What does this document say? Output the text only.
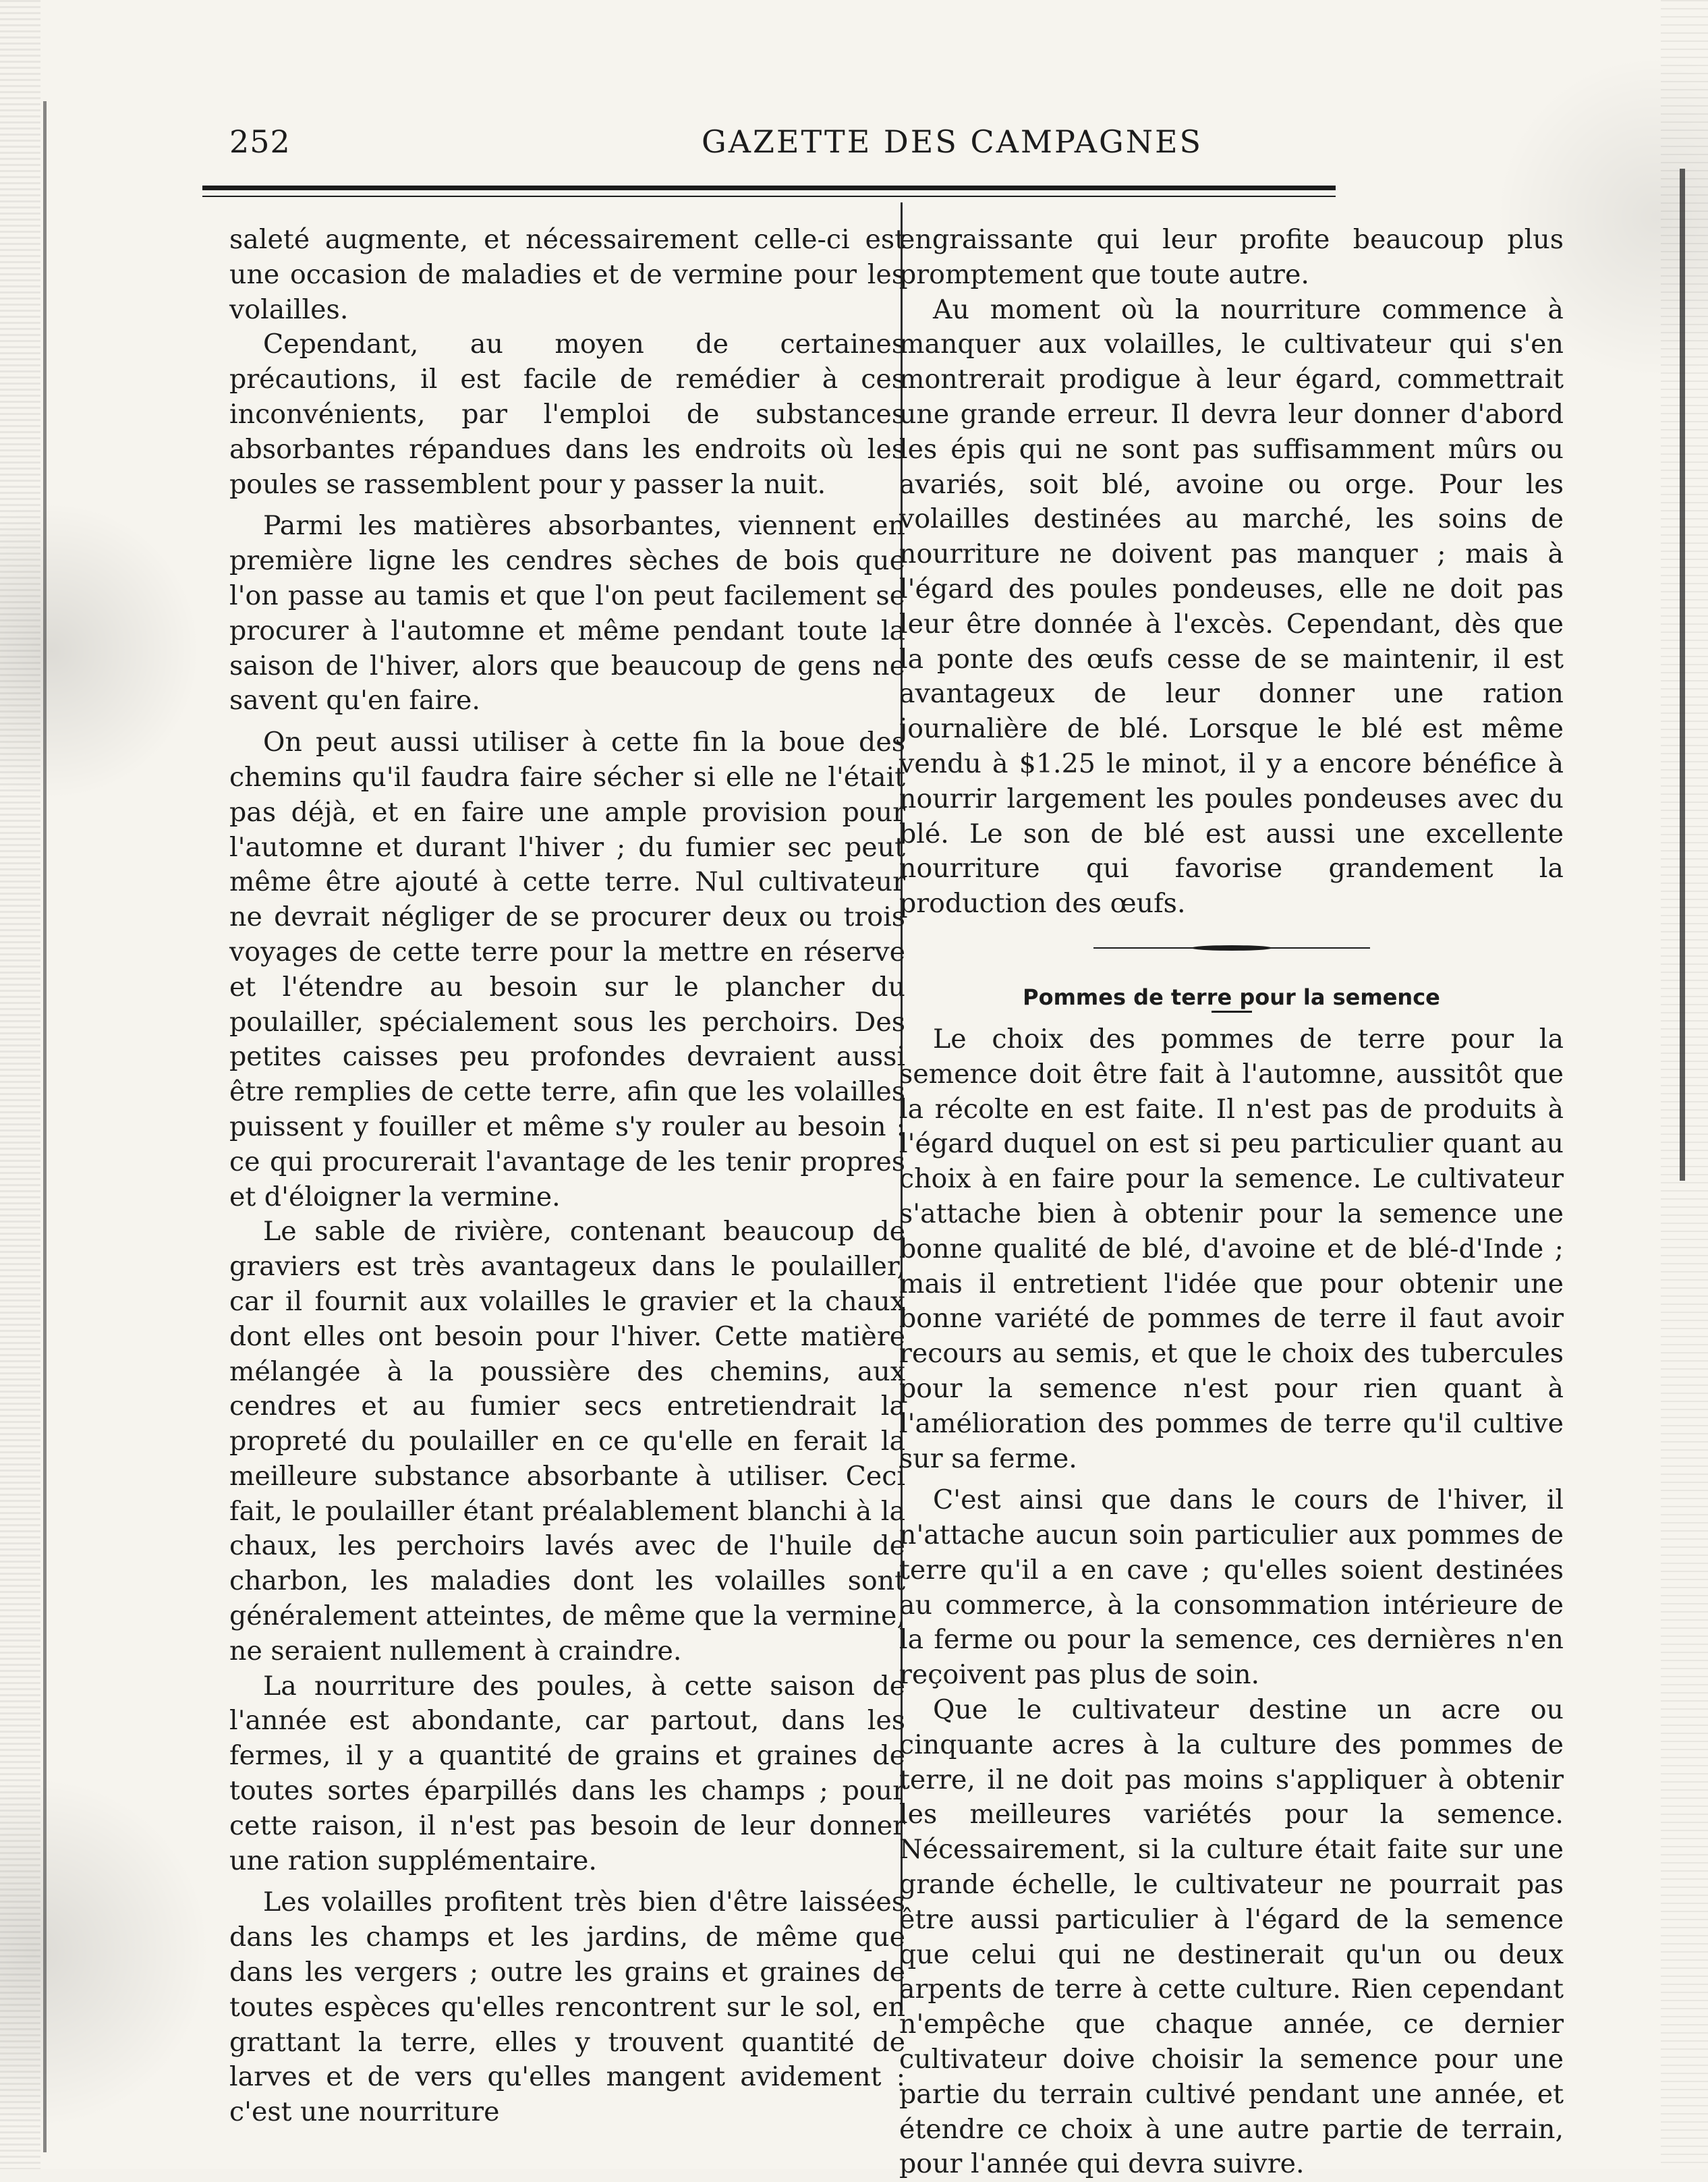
252	GAZETTE DES CAMPAGNES

saleté augmente, et nécessairement celle-ci est une occasion de maladies et de vermine pour les volailles.

Cependant, au moyen de certaines précautions, il est facile de remédier à ces inconvénients, par l'emploi de substances absorbantes répandues dans les endroits où les poules se rassemblent pour y passer la nuit.

Parmi les matières absorbantes, viennent en première ligne les cendres sèches de bois que l'on passe au tamis et que l'on peut facilement se procurer à l'automne et même pendant toute la saison de l'hiver, alors que beaucoup de gens ne savent qu'en faire.

On peut aussi utiliser à cette fin la boue des chemins qu'il faudra faire sécher si elle ne l'était pas déjà, et en faire une ample provision pour l'automne et durant l'hiver ; du fumier sec peut même être ajouté à cette terre. Nul cultivateur ne devrait négliger de se procurer deux ou trois voyages de cette terre pour la mettre en réserve et l'étendre au besoin sur le plancher du poulailler, spécialement sous les perchoirs. Des petites caisses peu profondes devraient aussi être remplies de cette terre, afin que les volailles puissent y fouiller et même s'y rouler au besoin : ce qui procurerait l'avantage de les tenir propres et d'éloigner la vermine.

Le sable de rivière, contenant beaucoup de graviers est très avantageux dans le poulailler, car il fournit aux volailles le gravier et la chaux dont elles ont besoin pour l'hiver. Cette matière mélangée à la poussière des chemins, aux cendres et au fumier secs entretiendrait la propreté du poulailler en ce qu'elle en ferait la meilleure substance absorbante à utiliser. Ceci fait, le poulailler étant préalablement blanchi à la chaux, les perchoirs lavés avec de l'huile de charbon, les maladies dont les volailles sont généralement atteintes, de même que la vermine, ne seraient nullement à craindre.

La nourriture des poules, à cette saison de l'année est abondante, car partout, dans les fermes, il y a quantité de grains et graines de toutes sortes éparpillés dans les champs ; pour cette raison, il n'est pas besoin de leur donner une ration supplémentaire.

Les volailles profitent très bien d'être laissées dans les champs et les jardins, de même que dans les vergers ; outre les grains et graines de toutes espèces qu'elles rencontrent sur le sol, en grattant la terre, elles y trouvent quantité de larves et de vers qu'elles mangent avidement : c'est une nourriture

engraissante qui leur profite beaucoup plus promptement que toute autre.

Au moment où la nourriture commence à manquer aux volailles, le cultivateur qui s'en montrerait prodigue à leur égard, commettrait une grande erreur. Il devra leur donner d'abord les épis qui ne sont pas suffisamment mûrs ou avariés, soit blé, avoine ou orge. Pour les volailles destinées au marché, les soins de nourriture ne doivent pas manquer ; mais à l'égard des poules pondeuses, elle ne doit pas leur être donnée à l'excès. Cependant, dès que la ponte des œufs cesse de se maintenir, il est avantageux de leur donner une ration journalière de blé. Lorsque le blé est même vendu à $1.25 le minot, il y a encore bénéfice à nourrir largement les poules pondeuses avec du blé. Le son de blé est aussi une excellente nourriture qui favorise grandement la production des œufs.

Pommes de terre pour la semence

Le choix des pommes de terre pour la semence doit être fait à l'automne, aussitôt que la récolte en est faite. Il n'est pas de produits à l'égard duquel on est si peu particulier quant au choix à en faire pour la semence. Le cultivateur s'attache bien à obtenir pour la semence une bonne qualité de blé, d'avoine et de blé-d'Inde ; mais il entretient l'idée que pour obtenir une bonne variété de pommes de terre il faut avoir recours au semis, et que le choix des tubercules pour la semence n'est pour rien quant à l'amélioration des pommes de terre qu'il cultive sur sa ferme.

C'est ainsi que dans le cours de l'hiver, il n'attache aucun soin particulier aux pommes de terre qu'il a en cave ; qu'elles soient destinées au commerce, à la consommation intérieure de la ferme ou pour la semence, ces dernières n'en reçoivent pas plus de soin.

Que le cultivateur destine un acre ou cinquante acres à la culture des pommes de terre, il ne doit pas moins s'appliquer à obtenir les meilleures variétés pour la semence. Nécessairement, si la culture était faite sur une grande échelle, le cultivateur ne pourrait pas être aussi particulier à l'égard de la semence que celui qui ne destinerait qu'un ou deux arpents de terre à cette culture. Rien cependant n'empêche que chaque année, ce dernier cultivateur doive choisir la semence pour une partie du terrain cultivé pendant une année, et étendre ce choix à une autre partie de terrain, pour l'année qui devra suivre.
